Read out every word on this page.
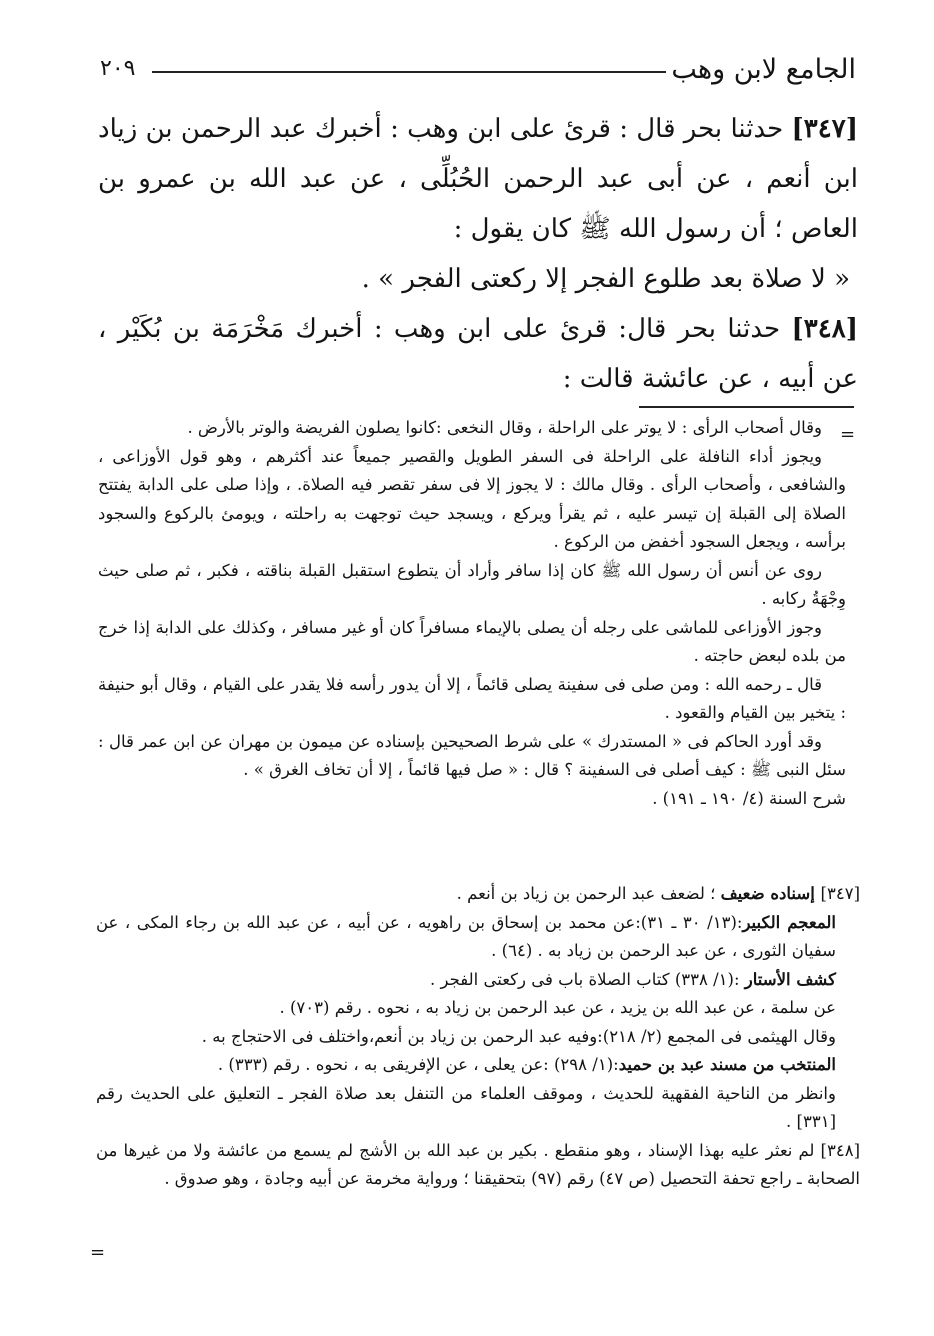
الجامع لابن وهب
٢٠٩

[٣٤٧] حدثنا بحر قال : قرئ على ابن وهب : أخبرك عبد الرحمن بن زياد ابن أنعم ، عن أبى عبد الرحمن الحُبُلِّى ، عن عبد الله بن عمرو بن العاص ؛ أن رسول الله ﷺ كان يقول :

« لا صلاة بعد طلوع الفجر إلا ركعتى الفجر » .

[٣٤٨] حدثنا بحر قال: قرئ على ابن وهب : أخبرك مَخْرَمَة بن بُكَيْر ، عن أبيه ، عن عائشة قالت :

=

وقال أصحاب الرأى : لا يوتر على الراحلة ، وقال النخعى :كانوا يصلون الفريضة والوتر بالأرض .

ويجوز أداء النافلة على الراحلة فى السفر الطويل والقصير جميعاً عند أكثرهم ، وهو قول الأوزاعى ، والشافعى ، وأصحاب الرأى . وقال مالك : لا يجوز إلا فى سفر تقصر فيه الصلاة. ، وإذا صلى على الدابة يفتتح الصلاة إلى القبلة إن تيسر عليه ، ثم يقرأ ويركع ، ويسجد حيث توجهت به راحلته ، ويومئ بالركوع والسجود برأسه ، ويجعل السجود أخفض من الركوع .

روى عن أنس أن رسول الله ﷺ كان إذا سافر وأراد أن يتطوع استقبل القبلة بناقته ، فكبر ، ثم صلى حيث وِجْهَةُ ركابه .

وجوز الأوزاعى للماشى على رجله أن يصلى بالإيماء مسافراً كان أو غير مسافر ، وكذلك على الدابة إذا خرج من بلده لبعض حاجته .

قال ـ رحمه الله : ومن صلى فى سفينة يصلى قائماً ، إلا أن يدور رأسه فلا يقدر على القيام ، وقال أبو حنيفة : يتخير بين القيام والقعود .

وقد أورد الحاكم فى « المستدرك » على شرط الصحيحين بإسناده عن ميمون بن مهران عن ابن عمر قال : سئل النبى ﷺ : كيف أصلى فى السفينة ؟ قال : « صل فيها قائماً ، إلا أن تخاف الغرق » .

شرح السنة (٤/ ١٩٠ ـ ١٩١) .

[٣٤٧] إسناده ضعيف ؛ لضعف عبد الرحمن بن زياد بن أنعم .

المعجم الكبير:(١٣/ ٣٠ ـ ٣١):عن محمد بن إسحاق بن راهويه ، عن أبيه ، عن عبد الله بن رجاء المكى ، عن سفيان الثورى ، عن عبد الرحمن بن زياد به . (٦٤) .

كشف الأستار :(١/ ٣٣٨) كتاب الصلاة باب فى ركعتى الفجر .

عن سلمة ، عن عبد الله بن يزيد ، عن عبد الرحمن بن زياد به ، نحوه . رقم (٧٠٣) .

وقال الهيثمى فى المجمع (٢/ ٢١٨):وفيه عبد الرحمن بن زياد بن أنعم،واختلف فى الاحتجاج به .

المنتخب من مسند عبد بن حميد:(١/ ٢٩٨) :عن يعلى ، عن الإفريقى به ، نحوه . رقم (٣٣٣) .

وانظر من الناحية الفقهية للحديث ، وموقف العلماء من التنفل بعد صلاة الفجر ـ التعليق على الحديث رقم [٣٣١] .

[٣٤٨] لم نعثر عليه بهذا الإسناد ، وهو منقطع . بكير بن عبد الله بن الأشج لم يسمع من عائشة ولا من غيرها من الصحابة ـ راجع تحفة التحصيل (ص ٤٧) رقم (٩٧) بتحقيقنا ؛ ورواية مخرمة عن أبيه وجادة ، وهو صدوق .

=
